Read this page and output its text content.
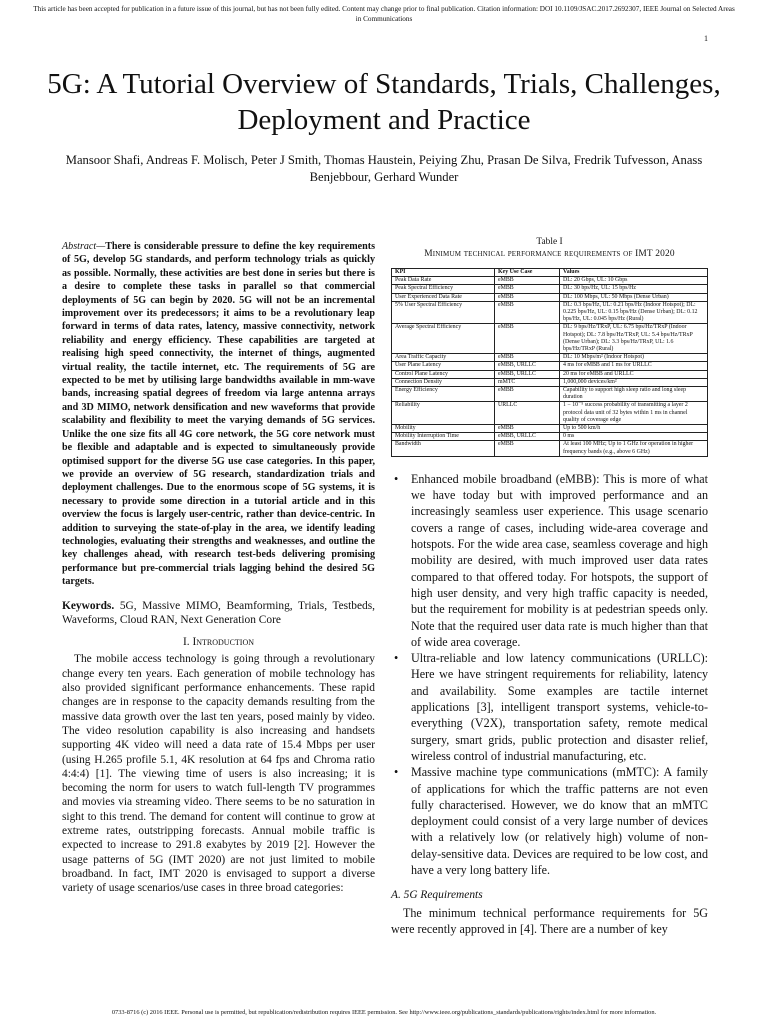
This article has been accepted for publication in a future issue of this journal, but has not been fully edited. Content may change prior to final publication. Citation information: DOI 10.1109/JSAC.2017.2692307, IEEE Journal on Selected Areas in Communications
1
5G: A Tutorial Overview of Standards, Trials, Challenges, Deployment and Practice
Mansoor Shafi, Andreas F. Molisch, Peter J Smith, Thomas Haustein, Peiying Zhu, Prasan De Silva, Fredrik Tufvesson, Anass Benjebbour, Gerhard Wunder

Abstract—There is considerable pressure to define the key requirements of 5G, develop 5G standards, and perform technology trials as quickly as possible. Normally, these activities are best done in series but there is a desire to complete these tasks in parallel so that commercial deployments of 5G can begin by 2020. 5G will not be an incremental improvement over its predecessors; it aims to be a revolutionary leap forward in terms of data rates, latency, massive connectivity, network reliability and energy efficiency. These capabilities are targeted at realising high speed connectivity, the internet of things, augmented virtual reality, the tactile internet, etc. The requirements of 5G are expected to be met by utilising large bandwidths available in mm-wave bands, increasing spatial degrees of freedom via large antenna arrays and 3D MIMO, network densification and new waveforms that provide scalability and flexibility to meet the varying demands of 5G services. Unlike the one size fits all 4G core network, the 5G core network must be flexible and adaptable and is expected to simultaneously provide optimised support for the diverse 5G use case categories. In this paper, we provide an overview of 5G research, standardization trials and deployment challenges. Due to the enormous scope of 5G systems, it is necessary to provide some direction in a tutorial article and in this overview the focus is largely user-centric, rather than device-centric. In addition to surveying the state-of-play in the area, we identify leading technologies, evaluating their strengths and weaknesses, and outline the key challenges ahead, with research test-beds delivering promising performance but pre-commercial trials lagging behind the desired 5G targets.

Keywords. 5G, Massive MIMO, Beamforming, Trials, Testbeds, Waveforms, Cloud RAN, Next Generation Core

I. Introduction

The mobile access technology is going through a revolutionary change every ten years. Each generation of mobile technology has also provided significant performance enhancements. These rapid changes are in response to the capacity demands resulting from the massive data growth over the last ten years, posed mainly by video. The video resolution capability is also increasing and handsets supporting 4K video will need a data rate of 15.4 Mbps per user (using H.265 profile 5.1, 4K resolution at 64 fps and Chroma ratio 4:4:4) [1]. The viewing time of users is also increasing; it is becoming the norm for users to watch full-length TV programmes and movies via streaming video. There seems to be no saturation in sight to this trend. The demand for content will continue to grow at extreme rates, outstripping forecasts. Annual mobile traffic is expected to increase to 291.8 exabytes by 2019 [2]. However the usage patterns of 5G (IMT 2020) are not just limited to mobile broadband. In fact, IMT 2020 is envisaged to support a diverse variety of usage scenarios/use cases in three broad categories:

Table I
Minimum technical performance requirements of IMT 2020
KPI	Key Use Case	Values
Peak Data Rate	eMBB	DL: 20 Gbps, UL: 10 Gbps
Peak Spectral Efficiency	eMBB	DL: 30 bps/Hz, UL: 15 bps/Hz
User Experienced Data Rate	eMBB	DL: 100 Mbps, UL: 50 Mbps (Dense Urban)
5% User Spectral Efficiency	eMBB	DL: 0.3 bps/Hz, UL: 0.21 bps/Hz (Indoor Hotspot); DL: 0.225 bps/Hz, UL: 0.15 bps/Hz (Dense Urban); DL: 0.12 bps/Hz, UL: 0.045 bps/Hz (Rural)
Average Spectral Efficiency	eMBB	DL: 9 bps/Hz/TRxP, UL: 6.75 bps/Hz/TRxP (Indoor Hotspot); DL: 7.8 bps/Hz/TRxP, UL: 5.4 bps/Hz/TRxP (Dense Urban); DL: 3.3 bps/Hz/TRxP, UL: 1.6 bps/Hz/TRxP (Rural)
Area Traffic Capacity	eMBB	DL: 10 Mbps/m² (Indoor Hotspot)
User Plane Latency	eMBB, URLLC	4 ms for eMBB and 1 ms for URLLC
Control Plane Latency	eMBB, URLLC	20 ms for eMBB and URLLC
Connection Density	mMTC	1,000,000 devices/km²
Energy Efficiency	eMBB	Capability to support high sleep ratio and long sleep duration
Reliability	URLLC	1 − 10⁻⁵ success probability of transmitting a layer 2 protocol data unit of 32 bytes within 1 ms in channel quality of coverage edge
Mobility	eMBB	Up to 500 km/h
Mobility Interruption Time	eMBB, URLLC	0 ms
Bandwidth	eMBB	At least 100 MHz; Up to 1 GHz for operation in higher frequency bands (e.g., above 6 GHz)
• Enhanced mobile broadband (eMBB): This is more of what we have today but with improved performance and an increasingly seamless user experience. This usage scenario covers a range of cases, including wide-area coverage and hotspots. For the wide area case, seamless coverage and high mobility are desired, with much improved user data rates compared to that offered today. For hotspots, the support of high user density, and very high traffic capacity is needed, but the requirement for mobility is at pedestrian speeds only. Note that the required user data rate is much higher than that of wide area coverage.
• Ultra-reliable and low latency communications (URLLC): Here we have stringent requirements for reliability, latency and availability. Some examples are tactile internet applications [3], intelligent transport systems, vehicle-to-everything (V2X), transportation safety, remote medical surgery, smart grids, public protection and disaster relief, wireless control of industrial manufacturing, etc.
• Massive machine type communications (mMTC): A family of applications for which the traffic patterns are not even fully characterised. However, we do know that an mMTC deployment could consist of a very large number of devices with a relatively low (or relatively high) volume of non-delay-sensitive data. Devices are required to be low cost, and have a very long battery life.
A. 5G Requirements

The minimum technical performance requirements for 5G were recently approved in [4]. There are a number of key

0733-8716 (c) 2016 IEEE. Personal use is permitted, but republication/redistribution requires IEEE permission. See http://www.ieee.org/publications_standards/publications/rights/index.html for more information.
